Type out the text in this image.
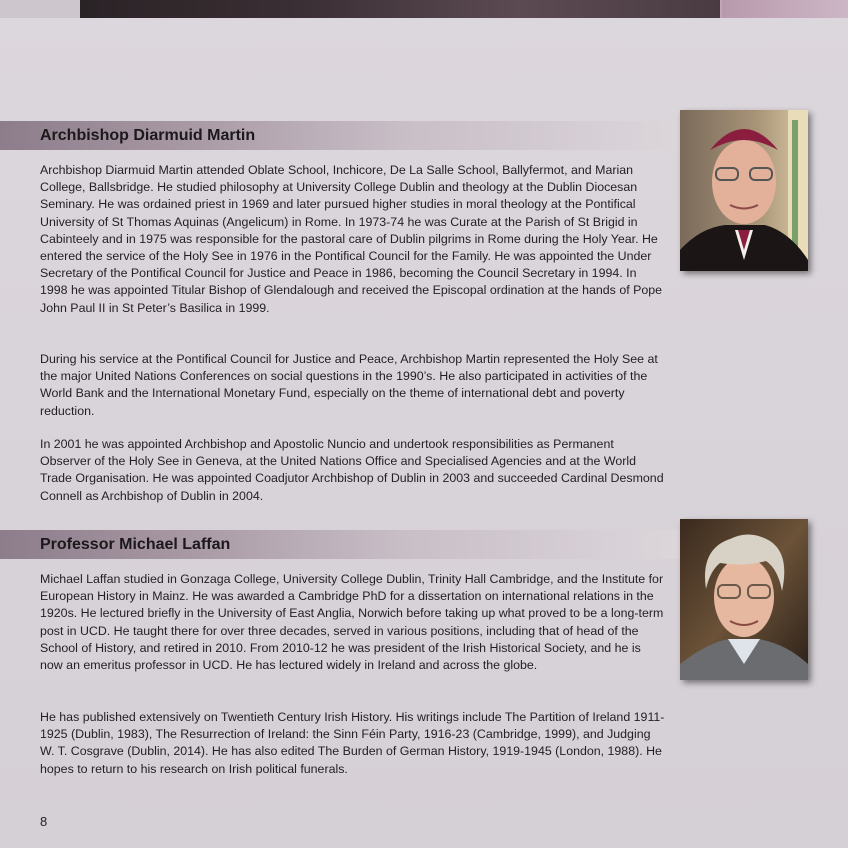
Archbishop Diarmuid Martin

Archbishop Diarmuid Martin attended Oblate School, Inchicore, De La Salle School, Ballyfermot, and Marian College, Ballsbridge. He studied philosophy at University College Dublin and theology at the Dublin Diocesan Seminary. He was ordained priest in 1969 and later pursued higher studies in moral theology at the Pontifical University of St Thomas Aquinas (Angelicum) in Rome. In 1973-74 he was Curate at the Parish of St Brigid in Cabinteely and in 1975 was responsible for the pastoral care of Dublin pilgrims in Rome during the Holy Year. He entered the service of the Holy See in 1976 in the Pontifical Council for the Family. He was appointed the Under Secretary of the Pontifical Council for Justice and Peace in 1986, becoming the Council Secretary in 1994. In 1998 he was appointed Titular Bishop of Glendalough and received the Episcopal ordination at the hands of Pope John Paul II in St Peter’s Basilica in 1999.

During his service at the Pontifical Council for Justice and Peace, Archbishop Martin represented the Holy See at the major United Nations Conferences on social questions in the 1990’s. He also participated in activities of the World Bank and the International Monetary Fund, especially on the theme of international debt and poverty reduction.

In 2001 he was appointed Archbishop and Apostolic Nuncio and undertook responsibilities as Permanent Observer of the Holy See in Geneva, at the United Nations Office and Specialised Agencies and at the World Trade Organisation. He was appointed Coadjutor Archbishop of Dublin in 2003 and succeeded Cardinal Desmond Connell as Archbishop of Dublin in 2004.

Professor Michael Laffan

Michael Laffan studied in Gonzaga College, University College Dublin, Trinity Hall Cambridge, and the Institute for European History in Mainz. He was awarded a Cambridge PhD for a dissertation on international relations in the 1920s. He lectured briefly in the University of East Anglia, Norwich before taking up what proved to be a long-term post in UCD. He taught there for over three decades, served in various positions, including that of head of the School of History, and retired in 2010. From 2010-12 he was president of the Irish Historical Society, and he is now an emeritus professor in UCD. He has lectured widely in Ireland and across the globe.

He has published extensively on Twentieth Century Irish History. His writings include The Partition of Ireland 1911-1925 (Dublin, 1983), The Resurrection of Ireland: the Sinn Féin Party, 1916-23 (Cambridge, 1999), and Judging W. T. Cosgrave (Dublin, 2014). He has also edited The Burden of German History, 1919-1945 (London, 1988). He hopes to return to his research on Irish political funerals.

8
